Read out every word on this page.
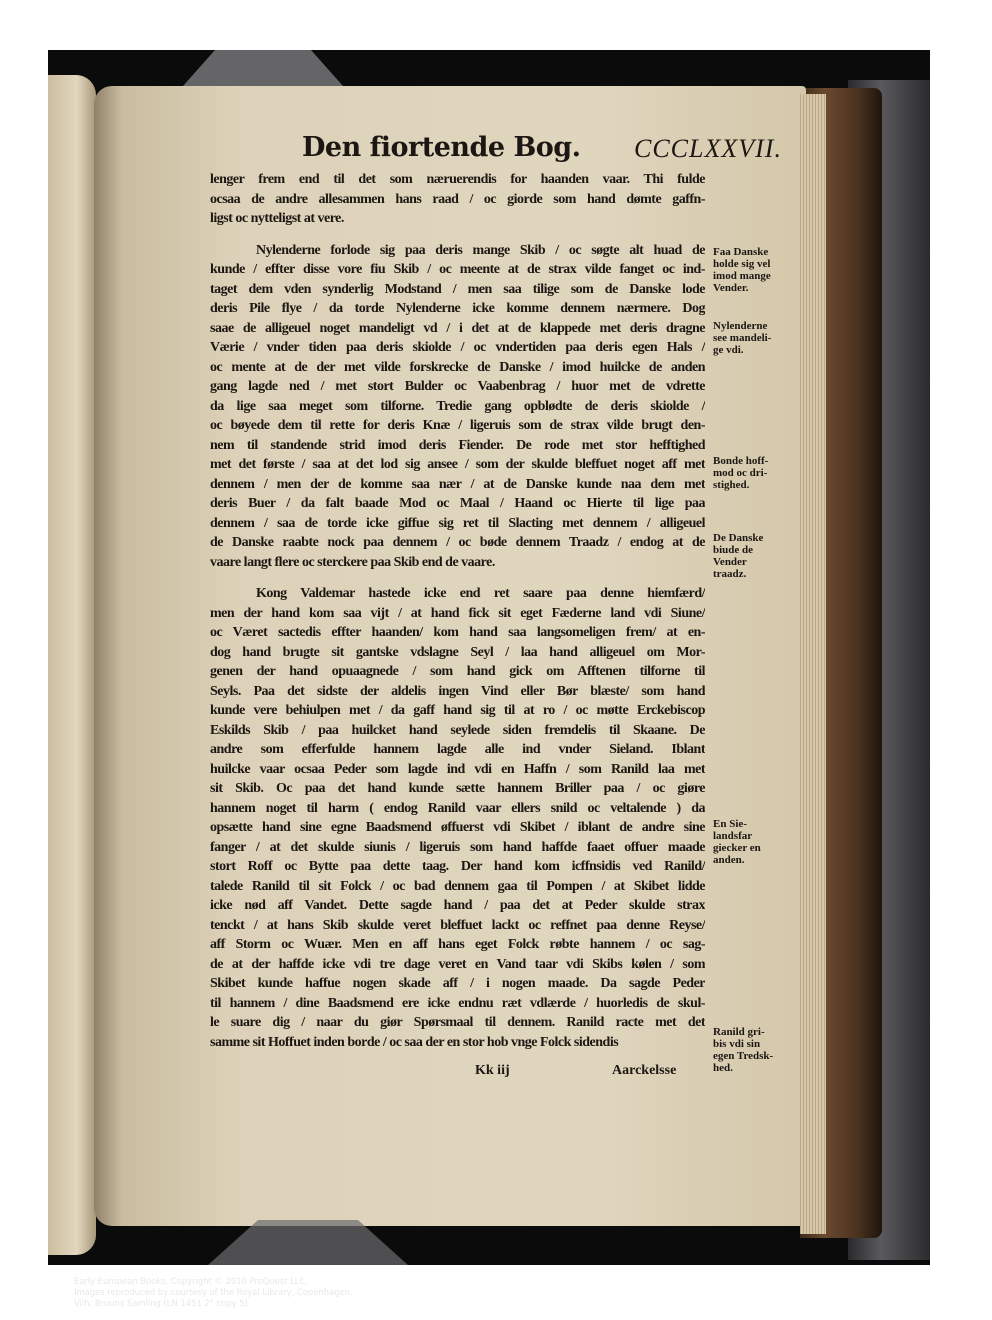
Den fiortende Bog. CCCLXXVII.
lenger frem end til det som næruerendis for haanden vaar. Thi fulde
ocsaa de andre allesammen hans raad / oc giorde som hand dømte gaffn-
ligst oc nytteligst at vere.
Nylenderne forlode sig paa deris mange Skib / oc søgte alt huad de
kunde / effter disse vore fiu Skib / oc meente at de strax vilde fanget oc ind-
taget dem vden synderlig Modstand / men saa tilige som de Danske lode
deris Pile flye / da torde Nylenderne icke komme dennem nærmere. Dog
saae de alligeuel noget mandeligt vd / i det at de klappede met deris dragne
Værie / vnder tiden paa deris skiolde / oc vndertiden paa deris egen Hals /
oc mente at de der met vilde forskrecke de Danske / imod huilcke de anden
gang lagde ned / met stort Bulder oc Vaabenbrag / huor met de vdrette
da lige saa meget som tilforne. Tredie gang opblødte de deris skiolde /
oc bøyede dem til rette for deris Knæ / ligeruis som de strax vilde brugt den-
nem til standende strid imod deris Fiender. De rode met stor hefftighed
met det første / saa at det lod sig ansee / som der skulde bleffuet noget aff met
dennem / men der de komme saa nær / at de Danske kunde naa dem met
deris Buer / da falt baade Mod oc Maal / Haand oc Hierte til lige paa
dennem / saa de torde icke giffue sig ret til Slacting met dennem / alligeuel
de Danske raabte nock paa dennem / oc bøde dennem Traadz / endog at de
vaare langt flere oc sterckere paa Skib end de vaare.
Kong Valdemar hastede icke end ret saare paa denne hiemfærd/
men der hand kom saa vijt / at hand fick sit eget Fæderne land vdi Siune/
oc Været sactedis effter haanden/ kom hand saa langsomeligen frem/ at en-
dog hand brugte sit gantske vdslagne Seyl / laa hand alligeuel om Mor-
genen der hand opuaagnede / som hand gick om Afftenen tilforne til
Seyls. Paa det sidste der aldelis ingen Vind eller Bør blæste/ som hand
kunde vere behiulpen met / da gaff hand sig til at ro / oc møtte Erckebiscop
Eskilds Skib / paa huilcket hand seylede siden fremdelis til Skaane. De
andre som efferfulde hannem lagde alle ind vnder Sieland. Iblant
huilcke vaar ocsaa Peder som lagde ind vdi en Haffn / som Ranild laa met
sit Skib. Oc paa det hand kunde sætte hannem Briller paa / oc giøre
hannem noget til harm ( endog Ranild vaar ellers snild oc veltalende ) da
opsætte hand sine egne Baadsmend øffuerst vdi Skibet / iblant de andre sine
fanger / at det skulde siunis / ligeruis som hand haffde faaet offuer maade
stort Roff oc Bytte paa dette taag. Der hand kom icffnsidis ved Ranild/
talede Ranild til sit Folck / oc bad dennem gaa til Pompen / at Skibet lidde
icke nød aff Vandet. Dette sagde hand / paa det at Peder skulde strax
tenckt / at hans Skib skulde veret bleffuet lackt oc reffnet paa denne Reyse/
aff Storm oc Wuær. Men en aff hans eget Folck røbte hannem / oc sag-
de at der haffde icke vdi tre dage veret en Vand taar vdi Skibs kølen / som
Skibet kunde haffue nogen skade aff / i nogen maade. Da sagde Peder
til hannem / dine Baadsmend ere icke endnu ræt vdlærde / huorledis de skul-
le suare dig / naar du giør Spørsmaal til dennem. Ranild racte met det
samme sit Hoffuet inden borde / oc saa der en stor hob vnge Folck sidendis
Faa Danske
holde sig vel
imod mange
Vender.
Nylenderne
see mandeli-
ge vdi.
Bonde hoff-
mod oc dri-
stighed.
De Danske
biude de
Vender
traadz.
En Sie-
landsfar
giecker en
anden.
Ranild gri-
bis vdi sin
egen Tredsk-
hed.
Kk iij	Aarckelsse
Early European Books, Copyright © 2010 ProQuest LLC.
Images reproduced by courtesy of the Royal Library, Copenhagen.
Vilh. Bruuns Samling (LN 1451 2° copy 5)
